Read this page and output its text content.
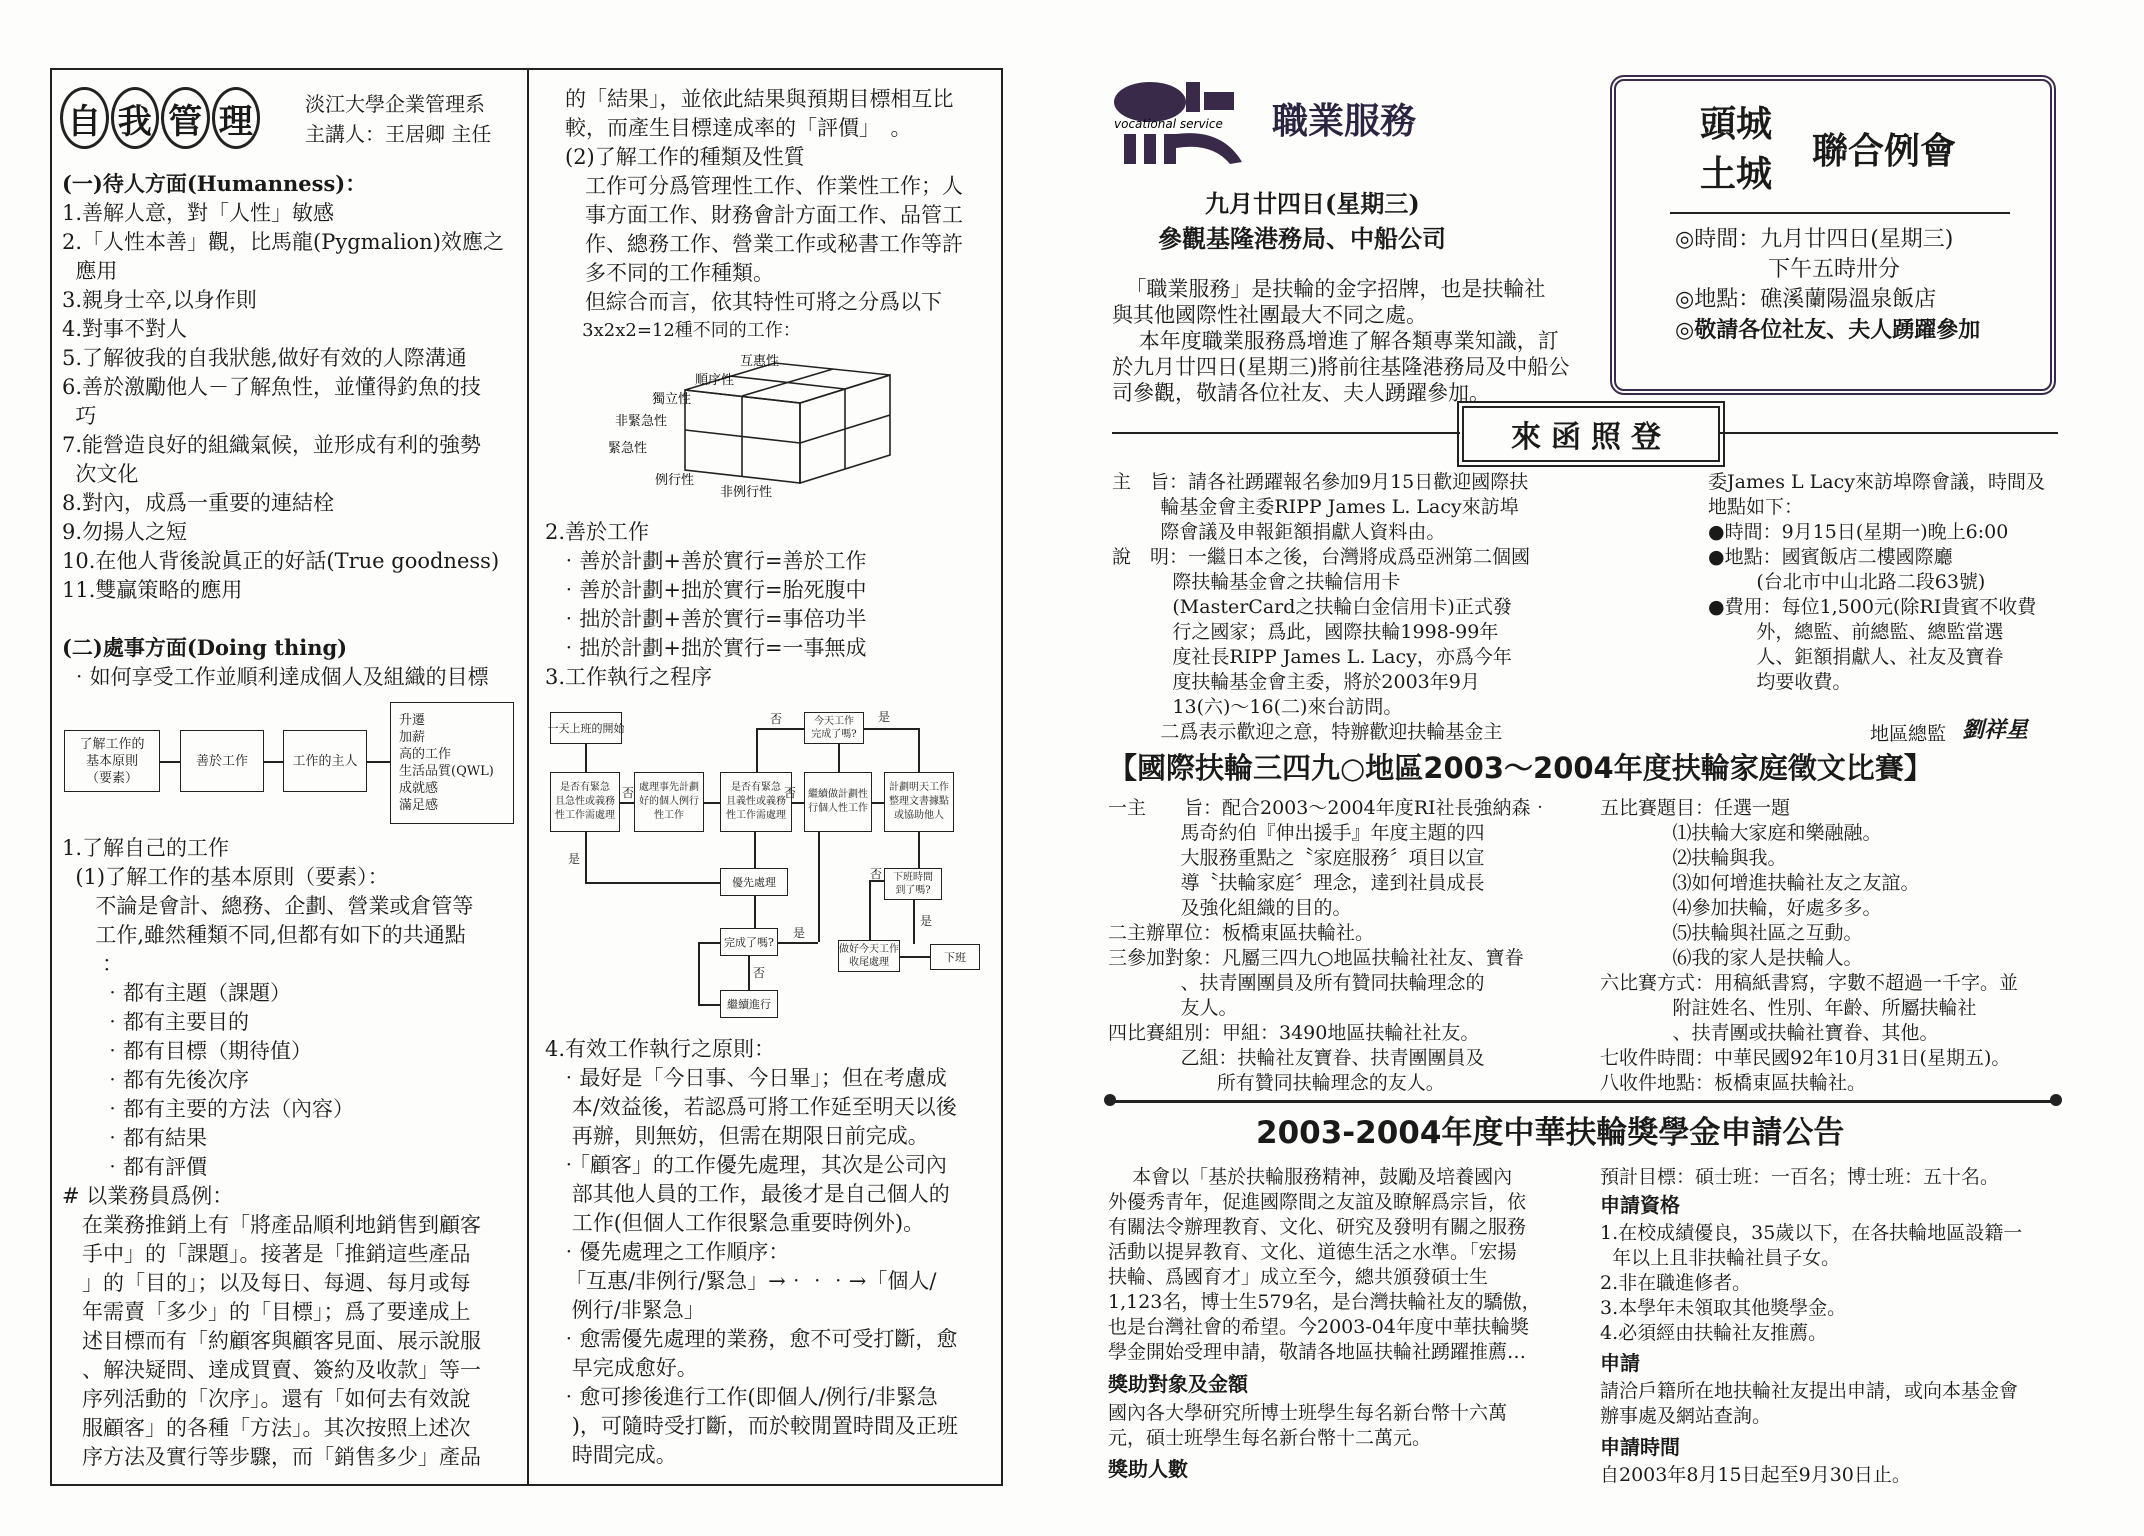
自 我 管 理	淡江大學企業管理系
主講人：王居卿 主任
(一)待人方面(Humanness)：
1.善解人意，對「人性」敏感
2.「人性本善」觀，比馬龍(Pygmalion)效應之
應用
3.親身士卒,以身作則
4.對事不對人
5.了解彼我的自我狀態,做好有效的人際溝通
6.善於激勵他人－了解魚性，並懂得釣魚的技
巧
7.能營造良好的組織氣候，並形成有利的強勢
次文化
8.對內，成爲一重要的連結栓
9.勿揚人之短
10.在他人背後說眞正的好話(True goodness)
11.雙贏策略的應用
(二)處事方面(Doing thing)
‧如何享受工作並順利達成個人及組織的目標
了解工作的
基本原則
（要素）
善於工作	工作的主人
升遷
加薪
高的工作
生活品質(QWL)
成就感
滿足感
1.了解自己的工作
(1)了解工作的基本原則（要素）：
不論是會計、總務、企劃、營業或倉管等
工作,雖然種類不同,但都有如下的共通點
：
‧都有主題（課題）
‧都有主要目的
‧都有目標（期待值）
‧都有先後次序
‧都有主要的方法（內容）
‧都有結果
‧都有評價
# 以業務員爲例：
在業務推銷上有「將產品順利地銷售到顧客
手中」的「課題」。接著是「推銷這些產品
」的「目的」；以及每日、每週、每月或每
年需賣「多少」的「目標」；爲了要達成上
述目標而有「約顧客與顧客見面、展示說服
、解決疑問、達成買賣、簽約及收款」等一
序列活動的「次序」。還有「如何去有效說
服顧客」的各種「方法」。其次按照上述次
序方法及實行等步驟，而「銷售多少」產品
的「結果」，並依此結果與預期目標相互比
較，而產生目標達成率的「評價」　。
(2)了解工作的種類及性質
工作可分爲管理性工作、作業性工作；人
事方面工作、財務會計方面工作、品管工
作、總務工作、營業工作或秘書工作等許
多不同的工作種類。
但綜合而言，依其特性可將之分爲以下
3x2x2=12種不同的工作：
互惠性
順序性
獨立性
非緊急性
緊急性
例行性
非例行性
2.善於工作
‧善於計劃+善於實行=善於工作
‧善於計劃+拙於實行=胎死腹中
‧拙於計劃+善於實行=事倍功半
‧拙於計劃+拙於實行=一事無成
3.工作執行之程序
一天上班的開始
是否有緊急
且急性或義務
性工作需處理
處理事先計劃
好的個人例行
性工作
是否有緊急
且義性或義務
性工作需處理
今天工作
完成了嗎?
繼續做計劃性
行個人性工作
計劃明天工作
整理文書據點
或協助他人
優先處理
完成了嗎?
繼續進行
下班時間
到了嗎?
做好今天工作
收尾處理	下班
是
否
否	是
否
是
否
否
是
4.有效工作執行之原則：
‧最好是「今日事、今日畢」；但在考慮成
本/效益後，若認爲可將工作延至明天以後
再辦，則無妨，但需在期限日前完成。
‧「顧客」的工作優先處理，其次是公司內
部其他人員的工作，最後才是自己個人的
工作(但個人工作很緊急重要時例外)。
‧優先處理之工作順序：
「互惠/非例行/緊急」→‧‧‧→「個人/
例行/非緊急」
‧愈需優先處理的業務，愈不可受打斷，愈
早完成愈好。
‧愈可掺後進行工作(即個人/例行/非緊急
)，可隨時受打斷，而於較閒置時間及正班
時間完成。
vocational service 職業服務
九月廿四日(星期三)
參觀基隆港務局、中船公司
「職業服務」是扶輪的金字招牌，也是扶輪社
與其他國際性社團最大不同之處。
本年度職業服務爲增進了解各類專業知識，訂
於九月廿四日(星期三)將前往基隆港務局及中船公
司參觀，敬請各位社友、夫人踴躍參加。
頭城
土城
聯合例會
◎時間：九月廿四日(星期三)
下午五時卅分
◎地點：礁溪蘭陽溫泉飯店
◎敬請各位社友、夫人踴躍參加
來函照登
主　旨：請各社踴躍報名參加9月15日歡迎國際扶
輪基金會主委RIPP James L. Lacy來訪埠
際會議及申報鉅額捐獻人資料由。
說　明：一繼日本之後，台灣將成爲亞洲第二個國
際扶輪基金會之扶輪信用卡
(MasterCard之扶輪白金信用卡)正式發
行之國家；爲此，國際扶輪1998-99年
度社長RIPP James L. Lacy，亦爲今年
度扶輪基金會主委，將於2003年9月
13(六)～16(二)來台訪問。
二爲表示歡迎之意，特辦歡迎扶輪基金主
委James L Lacy來訪埠際會議，時間及
地點如下：
●時間：9月15日(星期一)晚上6:00
●地點：國賓飯店二樓國際廳
(台北市中山北路二段63號)
●費用：每位1,500元(除RI貴賓不收費
外，總監、前總監、總監當選
人、鉅額捐獻人、社友及寶眷
均要收費。
地區總監 劉祥星
【國際扶輪三四九○地區2003～2004年度扶輪家庭徵文比賽】
一主　　旨：配合2003～2004年度RI社長強納森‧
馬奇約伯『伸出援手』年度主題的四
大服務重點之〝家庭服務〞項目以宣
導〝扶輪家庭〞理念，達到社員成長
及強化組織的目的。
二主辦單位：板橋東區扶輪社。
三參加對象：凡屬三四九○地區扶輪社社友、寶眷
、扶青團團員及所有贊同扶輪理念的
友人。
四比賽組別：甲組：3490地區扶輪社社友。
乙組：扶輪社友寶眷、扶青團團員及
所有贊同扶輪理念的友人。
五比賽題目：任選一題
⑴扶輪大家庭和樂融融。
⑵扶輪與我。
⑶如何增進扶輪社友之友誼。
⑷參加扶輪，好處多多。
⑸扶輪與社區之互動。
⑹我的家人是扶輪人。
六比賽方式：用稿紙書寫，字數不超過一千字。並
附註姓名、性別、年齡、所屬扶輪社
、扶青團或扶輪社寶眷、其他。
七收件時間：中華民國92年10月31日(星期五)。
八收件地點：板橋東區扶輪社。
2003-2004年度中華扶輪獎學金申請公告
本會以「基於扶輪服務精神，鼓勵及培養國內
外優秀青年，促進國際間之友誼及瞭解爲宗旨，依
有關法令辦理教育、文化、研究及發明有關之服務
活動以提昇教育、文化、道德生活之水準。「宏揚
扶輪、爲國育才」成立至今，總共頒發碩士生
1,123名，博士生579名，是台灣扶輪社友的驕傲，
也是台灣社會的希望。今2003-04年度中華扶輪獎
學金開始受理申請，敬請各地區扶輪社踴躍推薦…
獎助對象及金額
國內各大學研究所博士班學生每名新台幣十六萬
元，碩士班學生每名新台幣十二萬元。
獎助人數
預計目標：碩士班：一百名；博士班：五十名。
申請資格
1.在校成績優良，35歲以下，在各扶輪地區設籍一
年以上且非扶輪社員子女。
2.非在職進修者。
3.本學年未領取其他獎學金。
4.必須經由扶輪社友推薦。
申請
請洽戶籍所在地扶輪社友提出申請，或向本基金會
辦事處及網站查詢。
申請時間
自2003年8月15日起至9月30日止。
